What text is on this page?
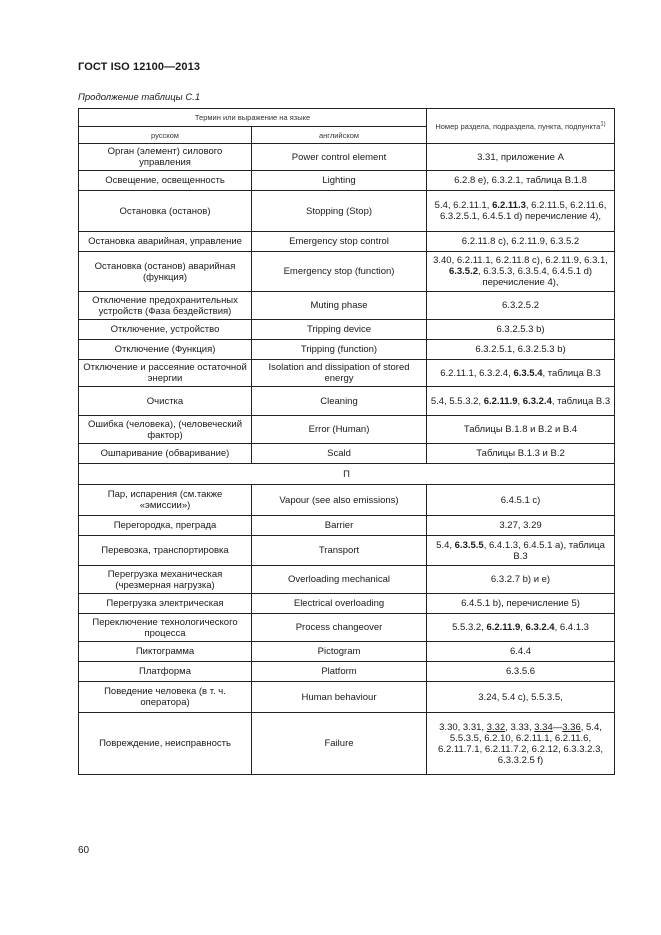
ГОСТ ISO 12100—2013
Продолжение таблицы С.1
Термин или выражение на языке		Номер раздела, подраздела, пункта, подпункта$^{1)}$
русском	английском	
Орган (элемент) силового управления	Power control element	3.31, приложение А
Освещение, освещенность	Lighting	6.2.8 е), 6.3.2.1, таблица В.1.8
Остановка (останов)	Stopping (Stop)	5.4, 6.2.11.1, 6.2.11.3, 6.2.11.5, 6.2.11.6, 6.3.2.5.1, 6.4.5.1 d) перечисление 4),
Остановка аварийная, управление	Emergency stop control	6.2.11.8 c), 6.2.11.9, 6.3.5.2
Остановка (останов) аварийная (функция)	Emergency stop (function)	3.40, 6.2.11.1, 6.2.11.8 c), 6.2.11.9, 6.3.1, 6.3.5.2, 6.3.5.3, 6.3.5.4, 6.4.5.1 d) перечисление 4),
Отключение предохранительных устройств (Фаза бездействия)	Muting phase	6.3.2.5.2
Отключение, устройство	Tripping device	6.3.2.5.3 b)
Отключение (Функция)	Tripping (function)	6.3.2.5.1, 6.3.2.5.3 b)
Отключение и рассеяние остаточной энергии	Isolation and dissipation of stored energy	6.2.11.1, 6.3.2.4, 6.3.5.4, таблица В.3
Очистка	Cleaning	5.4, 5.5.3.2, 6.2.11.9, 6.3.2.4, таблица В.3
Ошибка (человека), (человеческий фактор)	Error (Human)	Таблицы В.1.8 и В.2 и В.4
Ошпаривание (обваривание)	Scald	Таблицы В.1.3 и В.2
П		
Пар, испарения (см.также «эмиссии»)	Vapour (see also emissions)	6.4.5.1 с)
Перегородка, преграда	Barrier	3.27, 3.29
Перевозка, транспортировка	Transport	5.4, 6.3.5.5, 6.4.1.3, 6.4.5.1 а), таблица В.3
Перегрузка механическая (чрезмерная нагрузка)	Overloading mechanical	6.3.2.7 b) и е)
Перегрузка электрическая	Electrical overloading	6.4.5.1 b), перечисление 5)
Переключение технологического процесса	Process changeover	5.5.3.2, 6.2.11.9, 6.3.2.4, 6.4.1.3
Пиктограмма	Pictogram	6.4.4
Платформа	Platform	6.3.5.6
Поведение человека (в т. ч. оператора)	Human behaviour	3.24, 5.4 с), 5.5.3.5,
Повреждение, неисправность	Failure	3.30, 3.31, 3.32, 3.33, 3.34—3.36, 5.4, 5.5.3.5, 6.2.10, 6.2.11.1, 6.2.11.6, 6.2.11.7.1, 6.2.11.7.2, 6.2.12, 6.3.3.2.3, 6.3.3.2.5 f)
60
